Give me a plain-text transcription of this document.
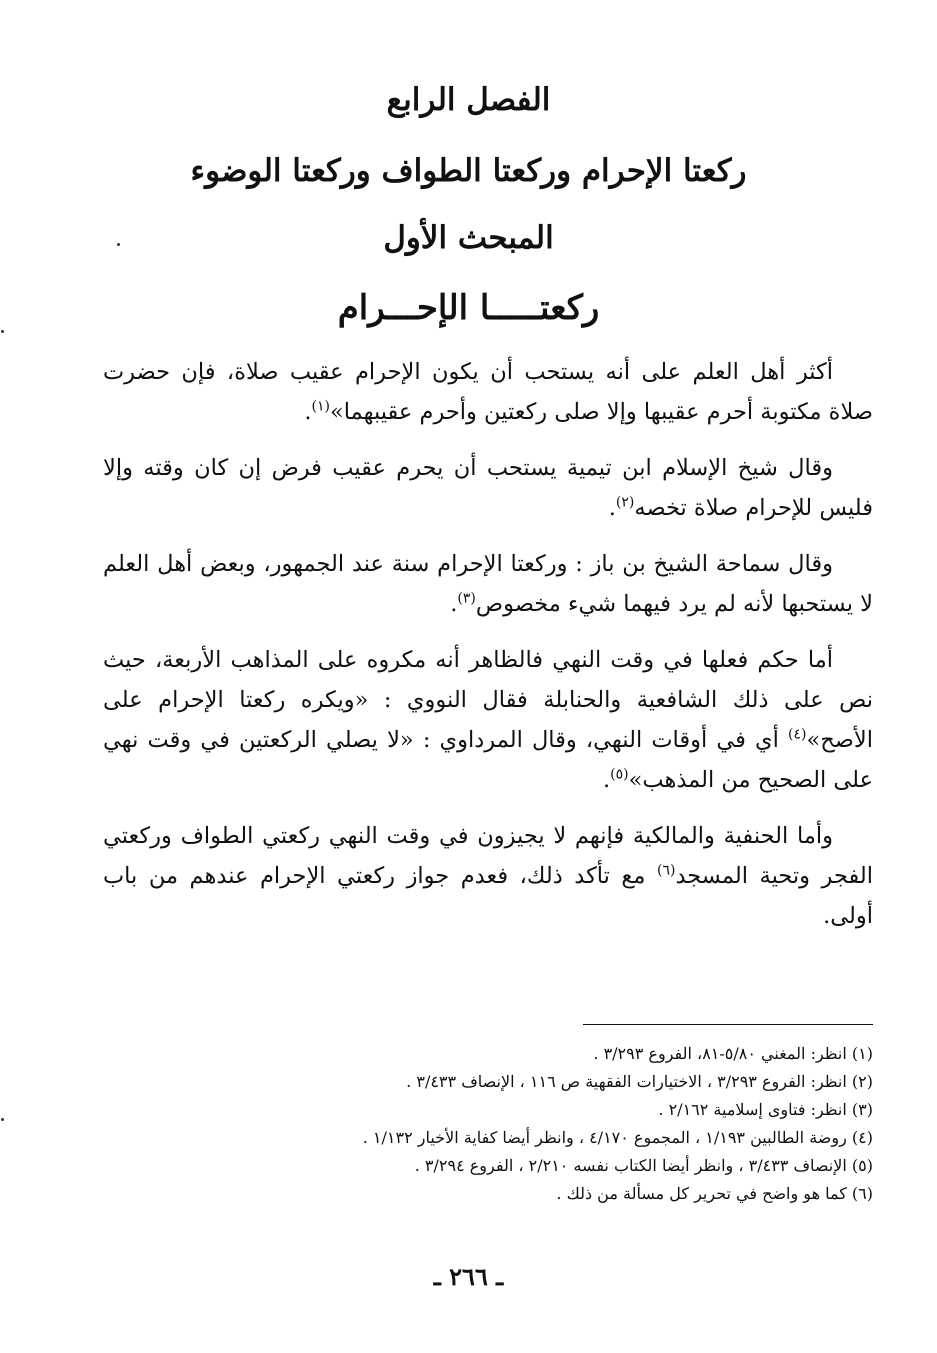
الفصل الرابع
ركعتا الإحرام وركعتا الطواف وركعتا الوضوء
المبحث الأول
ركعتـــــا الإحـــرام

أكثر أهل العلم على أنه يستحب أن يكون الإحرام عقيب صلاة، فإن حضرت صلاة مكتوبة أحرم عقيبها وإلا صلى ركعتين وأحرم عقيبهما»$^{(١)}$.

وقال شيخ الإسلام ابن تيمية يستحب أن يحرم عقيب فرض إن كان وقته وإلا فليس للإحرام صلاة تخصه$^{(٢)}$.

وقال سماحة الشيخ بن باز : وركعتا الإحرام سنة عند الجمهور، وبعض أهل العلم لا يستحبها لأنه لم يرد فيهما شيء مخصوص$^{(٣)}$.

أما حكم فعلها في وقت النهي فالظاهر أنه مكروه على المذاهب الأربعة، حيث نص على ذلك الشافعية والحنابلة فقال النووي : «ويكره ركعتا الإحرام على الأصح»$^{(٤)}$ أي في أوقات النهي، وقال المرداوي : «لا يصلي الركعتين في وقت نهي على الصحيح من المذهب»$^{(٥)}$.

وأما الحنفية والمالكية فإنهم لا يجيزون في وقت النهي ركعتي الطواف وركعتي الفجر وتحية المسجد$^{(٦)}$ مع تأكد ذلك، فعدم جواز ركعتي الإحرام عندهم من باب أولى.

(١) انظر: المغني ٥/٨٠-٨١، الفروع ٣/٢٩٣ .
(٢) انظر: الفروع ٣/٢٩٣ ، الاختيارات الفقهية ص ١١٦ ، الإنصاف ٣/٤٣٣ .
(٣) انظر: فتاوى إسلامية ٢/١٦٢ .
(٤) روضة الطالبين ١/١٩٣ ، المجموع ٤/١٧٠ ، وانظر أيضا كفاية الأخيار ١/١٣٢ .
(٥) الإنصاف ٣/٤٣٣ ، وانظر أيضا الكتاب نفسه ٢/٢١٠ ، الفروع ٣/٢٩٤ .
(٦) كما هو واضح في تحرير كل مسألة من ذلك .
ـ ٢٦٦ ـ
